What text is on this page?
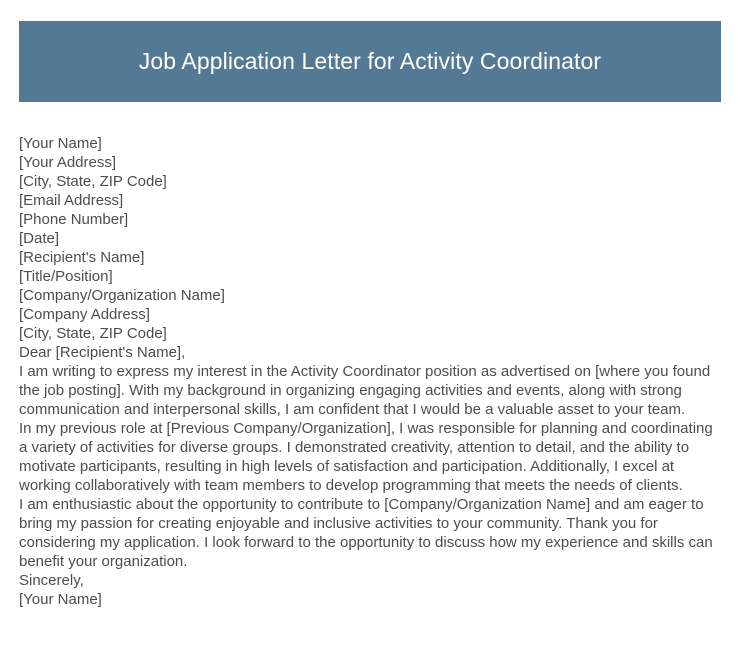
Job Application Letter for Activity Coordinator
[Your Name]
[Your Address]
[City, State, ZIP Code]
[Email Address]
[Phone Number]
[Date]
[Recipient's Name]
[Title/Position]
[Company/Organization Name]
[Company Address]
[City, State, ZIP Code]
Dear [Recipient's Name],

I am writing to express my interest in the Activity Coordinator position as advertised on [where you found the job posting]. With my background in organizing engaging activities and events, along with strong communication and interpersonal skills, I am confident that I would be a valuable asset to your team.

In my previous role at [Previous Company/Organization], I was responsible for planning and coordinating a variety of activities for diverse groups. I demonstrated creativity, attention to detail, and the ability to motivate participants, resulting in high levels of satisfaction and participation. Additionally, I excel at working collaboratively with team members to develop programming that meets the needs of clients.

I am enthusiastic about the opportunity to contribute to [Company/Organization Name] and am eager to bring my passion for creating enjoyable and inclusive activities to your community. Thank you for considering my application. I look forward to the opportunity to discuss how my experience and skills can benefit your organization.

Sincerely,
[Your Name]
